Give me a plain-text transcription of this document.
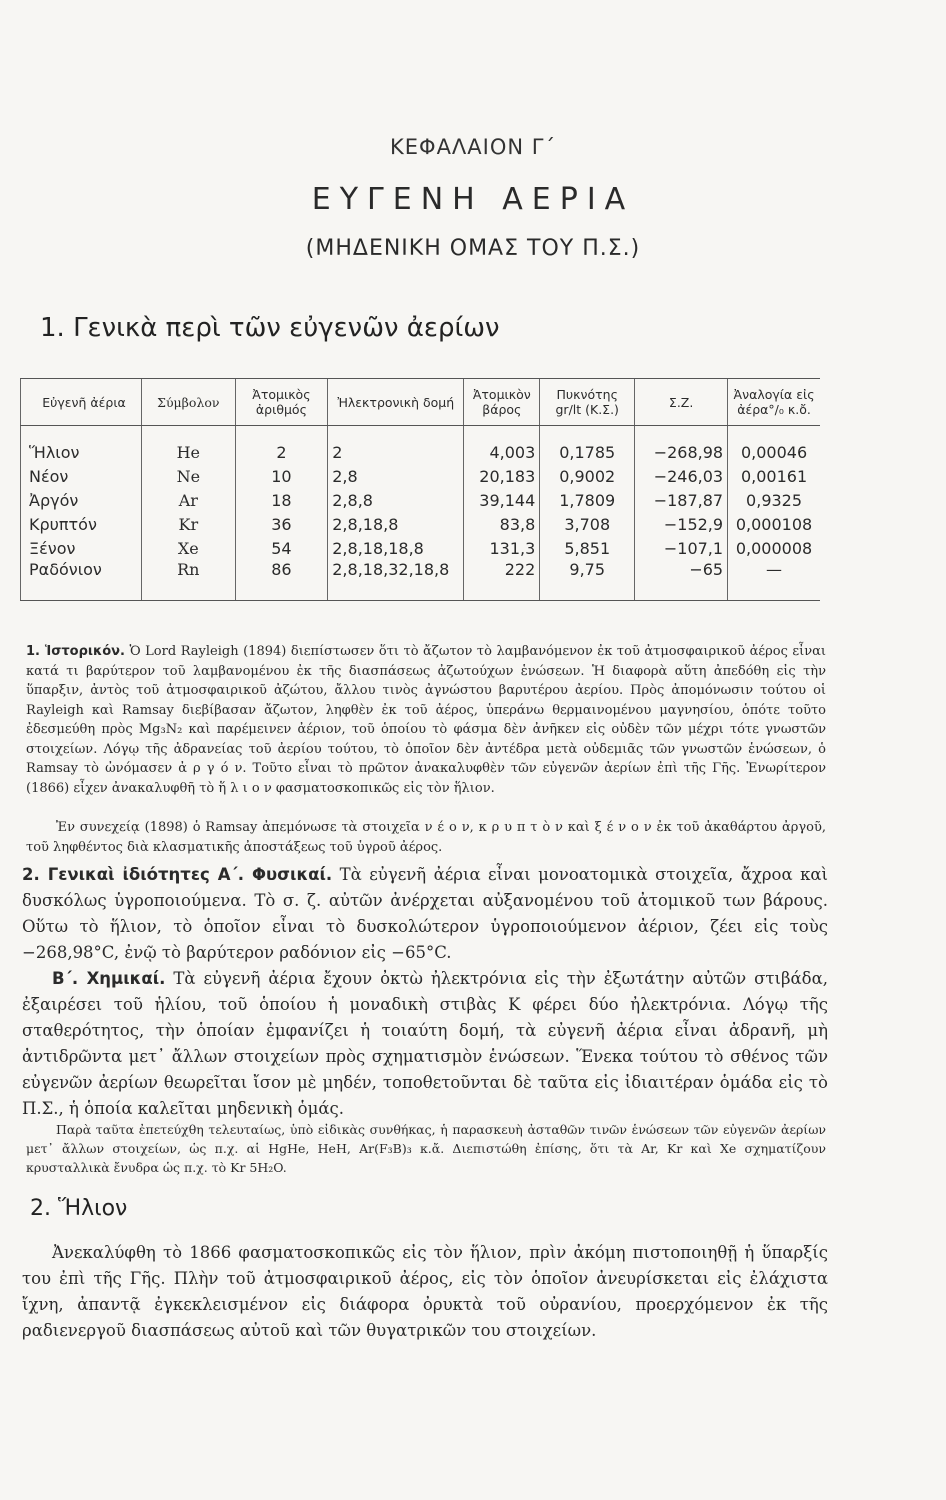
ΚΕΦΑΛΑΙΟΝ Γ΄
ΕΥΓΕΝΗ ΑΕΡΙΑ
(ΜΗΔΕΝΙΚΗ ΟΜΑΣ ΤΟΥ Π.Σ.)
1. Γενικὰ περὶ τῶν εὐγενῶν ἀερίων
Εὐγενῆ ἀέρια	Σύμβολον	Ἀτομικὸς ἀριθμός	Ἠλεκτρονικὴ δομή	Ἀτομικὸν βάρος	Πυκνότης gr/lt (Κ.Σ.)	Σ.Ζ.	Ἀναλογία εἰς ἀέρα°/₀ κ.ὄ.
Ἥλιον	He	2	2	4,003	0,1785	−268,98	0,00046
Νέον	Ne	10	2,8	20,183	0,9002	−246,03	0,00161
Ἀργόν	Ar	18	2,8,8	39,144	1,7809	−187,87	0,9325
Κρυπτόν	Kr	36	2,8,18,8	83,8	3,708	−152,9	0,000108
Ξένον	Xe	54	2,8,18,18,8	131,3	5,851	−107,1	0,000008
Ραδόνιον	Rn	86	2,8,18,32,18,8	222	9,75	−65	—

1. Ἱστορικόν. Ὁ Lord Rayleigh (1894) διεπίστωσεν ὅτι τὸ ἄζωτον τὸ λαμβανόμενον ἐκ τοῦ ἀτμοσφαιρικοῦ ἀέρος εἶναι κατά τι βαρύτερον τοῦ λαμβανομένου ἐκ τῆς διασπάσεως ἀζωτούχων ἑνώσεων. Ἡ διαφορὰ αὕτη ἀπεδόθη εἰς τὴν ὕπαρξιν, ἀντὸς τοῦ ἀτμοσφαιρικοῦ ἀζώτου, ἄλλου τινὸς ἀγνώστου βαρυτέρου ἀερίου. Πρὸς ἀπομόνωσιν τούτου οἱ Rayleigh καὶ Ramsay διεβίβασαν ἄζωτον, ληφθὲν ἐκ τοῦ ἀέρος, ὑπεράνω θερμαινομένου μαγνησίου, ὁπότε τοῦτο ἐδεσμεύθη πρὸς Mg₃N₂ καὶ παρέμεινεν ἀέριον, τοῦ ὁποίου τὸ φάσμα δὲν ἀνῆκεν εἰς οὐδὲν τῶν μέχρι τότε γνωστῶν στοιχείων. Λόγῳ τῆς ἀδρανείας τοῦ ἀερίου τούτου, τὸ ὁποῖον δὲν ἀντέδρα μετὰ οὐδεμιᾶς τῶν γνωστῶν ἑνώσεων, ὁ Ramsay τὸ ὠνόμασεν ἀ ρ γ ό ν. Τοῦτο εἶναι τὸ πρῶτον ἀνακαλυφθὲν τῶν εὐγενῶν ἀερίων ἐπὶ τῆς Γῆς. Ἐνωρίτερον (1866) εἶχεν ἀνακαλυφθῆ τὸ ἥ λ ι ο ν φασματοσκοπικῶς εἰς τὸν ἥλιον.

Ἐν συνεχείᾳ (1898) ὁ Ramsay ἀπεμόνωσε τὰ στοιχεῖα ν έ ο ν, κ ρ υ π τ ὸ ν καὶ ξ έ ν ο ν ἐκ τοῦ ἀκαθάρτου ἀργοῦ, τοῦ ληφθέντος διὰ κλασματικῆς ἀποστάξεως τοῦ ὑγροῦ ἀέρος.

2. Γενικαὶ ἰδιότητες Α΄. Φυσικαί. Τὰ εὐγενῆ ἀέρια εἶναι μονοατομικὰ στοιχεῖα, ἄχροα καὶ δυσκόλως ὑγροποιούμενα. Τὸ σ. ζ. αὐτῶν ἀνέρχεται αὐξανομένου τοῦ ἀτομικοῦ των βάρους. Οὕτω τὸ ἥλιον, τὸ ὁποῖον εἶναι τὸ δυσκολώτερον ὑγροποιούμενον ἀέριον, ζέει εἰς τοὺς −268,98°C, ἐνῷ τὸ βαρύτερον ραδόνιον εἰς −65°C.

Β΄. Χημικαί. Τὰ εὐγενῆ ἀέρια ἔχουν ὀκτὼ ἠλεκτρόνια εἰς τὴν ἐξωτάτην αὐτῶν στιβάδα, ἐξαιρέσει τοῦ ἡλίου, τοῦ ὁποίου ἡ μοναδικὴ στιβὰς Κ φέρει δύο ἠλεκτρόνια. Λόγῳ τῆς σταθερότητος, τὴν ὁποίαν ἐμφανίζει ἡ τοιαύτη δομή, τὰ εὐγενῆ ἀέρια εἶναι ἀδρανῆ, μὴ ἀντιδρῶντα μετ᾽ ἄλλων στοιχείων πρὸς σχηματισμὸν ἑνώσεων. Ἕνεκα τούτου τὸ σθένος τῶν εὐγενῶν ἀερίων θεωρεῖται ἴσον μὲ μηδέν, τοποθετοῦνται δὲ ταῦτα εἰς ἰδιαιτέραν ὁμάδα εἰς τὸ Π.Σ., ἡ ὁποία καλεῖται μηδενικὴ ὁμάς.

Παρὰ ταῦτα ἐπετεύχθη τελευταίως, ὑπὸ εἰδικὰς συνθήκας, ἡ παρασκευὴ ἀσταθῶν τινῶν ἑνώσεων τῶν εὐγενῶν ἀερίων μετ᾽ ἄλλων στοιχείων, ὡς π.χ. αἱ HgHe, HeH, Ar(F₃B)₃ κ.ἄ. Διεπιστώθη ἐπίσης, ὅτι τὰ Ar, Kr καὶ Xe σχηματίζουν κρυσταλλικὰ ἔνυδρα ὡς π.χ. τὸ Kr 5H₂O.

2. Ἥλιον

Ἀνεκαλύφθη τὸ 1866 φασματοσκοπικῶς εἰς τὸν ἥλιον, πρὶν ἀκόμη πιστοποιηθῇ ἡ ὕπαρξίς του ἐπὶ τῆς Γῆς. Πλὴν τοῦ ἀτμοσφαιρικοῦ ἀέρος, εἰς τὸν ὁποῖον ἀνευρίσκεται εἰς ἐλάχιστα ἴχνη, ἀπαντᾷ ἐγκεκλεισμένον εἰς διάφορα ὀρυκτὰ τοῦ οὐρανίου, προερχόμενον ἐκ τῆς ραδιενεργοῦ διασπάσεως αὐτοῦ καὶ τῶν θυγατρικῶν του στοιχείων.
